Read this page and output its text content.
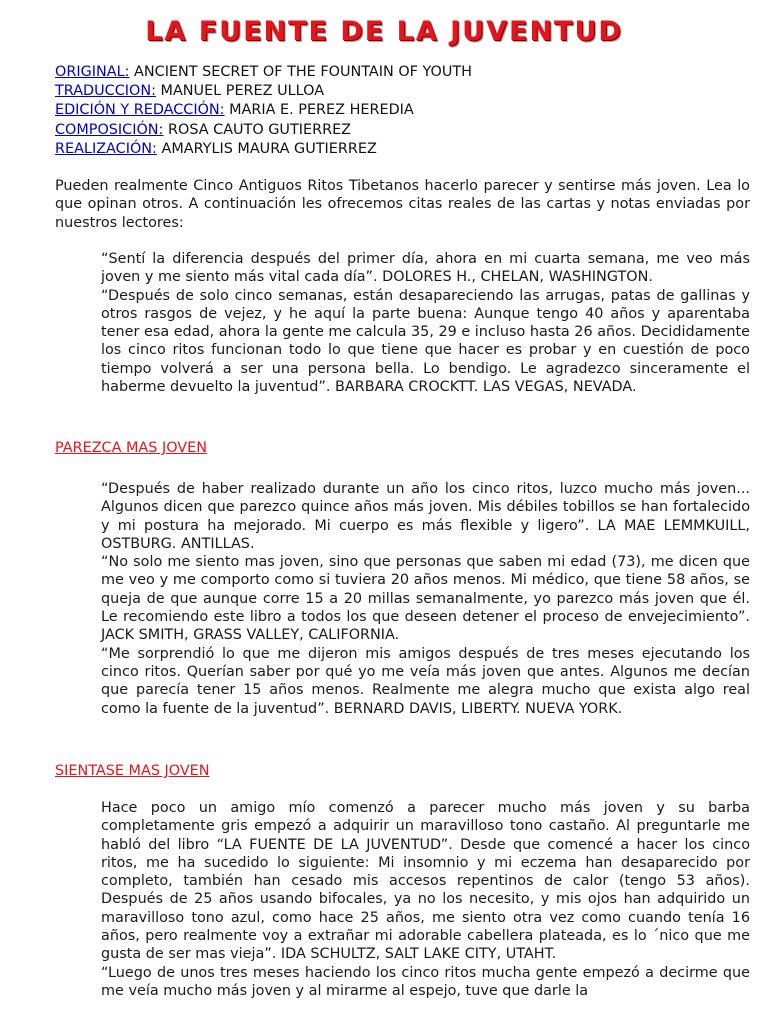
LA FUENTE DE LA JUVENTUD
ORIGINAL: ANCIENT SECRET OF THE FOUNTAIN OF YOUTH
TRADUCCION: MANUEL PEREZ ULLOA
EDICIÓN Y REDACCIÓN: MARIA E. PEREZ HEREDIA
COMPOSICIÓN: ROSA CAUTO GUTIERREZ
REALIZACIÓN: AMARYLIS MAURA GUTIERREZ

Pueden realmente Cinco Antiguos Ritos Tibetanos hacerlo parecer y sentirse más joven. Lea lo que opinan otros. A continuación les ofrecemos citas reales de las cartas y notas enviadas por nuestros lectores:

“Sentí la diferencia después del primer día, ahora en mi cuarta semana, me veo más joven y me siento más vital cada día”. DOLORES H., CHELAN, WASHINGTON.

“Después de solo cinco semanas, están desapareciendo las arrugas, patas de gallinas y otros rasgos de vejez, y he aquí la parte buena: Aunque tengo 40 años y aparentaba tener esa edad, ahora la gente me calcula 35, 29 e incluso hasta 26 años. Decididamente los cinco ritos funcionan todo lo que tiene que hacer es probar y en cuestión de poco tiempo volverá a ser una persona bella. Lo bendigo. Le agradezco sinceramente el haberme devuelto la juventud”. BARBARA CROCKTT. LAS VEGAS, NEVADA.

PAREZCA MAS JOVEN

“Después de haber realizado durante un año los cinco ritos, luzco mucho más joven... Algunos dicen que parezco quince años más joven. Mis débiles tobillos se han fortalecido y mi postura ha mejorado. Mi cuerpo es más flexible y ligero”. LA MAE LEMMKUILL, OSTBURG. ANTILLAS.

“No solo me siento mas joven, sino que personas que saben mi edad (73), me dicen que me veo y me comporto como si tuviera 20 años menos. Mi médico, que tiene 58 años, se queja de que aunque corre 15 a 20 millas semanalmente, yo parezco más joven que él. Le recomiendo este libro a todos los que deseen detener el proceso de envejecimiento”. JACK SMITH, GRASS VALLEY, CALIFORNIA.

“Me sorprendió lo que me dijeron mis amigos después de tres meses ejecutando los cinco ritos. Querían saber por qué yo me veía más joven que antes. Algunos me decían que parecía tener 15 años menos. Realmente me alegra mucho que exista algo real como la fuente de la juventud”. BERNARD DAVIS, LIBERTY. NUEVA YORK.

SIENTASE MAS JOVEN

Hace poco un amigo mío comenzó a parecer mucho más joven y su barba completamente gris empezó a adquirir un maravilloso tono castaño. Al preguntarle me habló del libro “LA FUENTE DE LA JUVENTUD”. Desde que comencé a hacer los cinco ritos, me ha sucedido lo siguiente: Mi insomnio y mi eczema han desaparecido por completo, también han cesado mis accesos repentinos de calor (tengo 53 años). Después de 25 años usando bifocales, ya no los necesito, y mis ojos han adquirido un maravilloso tono azul, como hace 25 años, me siento otra vez como cuando tenía 16 años, pero realmente voy a extrañar mi adorable cabellera plateada, es lo ´nico que me gusta de ser mas vieja”. IDA SCHULTZ, SALT LAKE CITY, UTAHT.

“Luego de unos tres meses haciendo los cinco ritos mucha gente empezó a decirme que me veía mucho más joven y al mirarme al espejo, tuve que darle la
